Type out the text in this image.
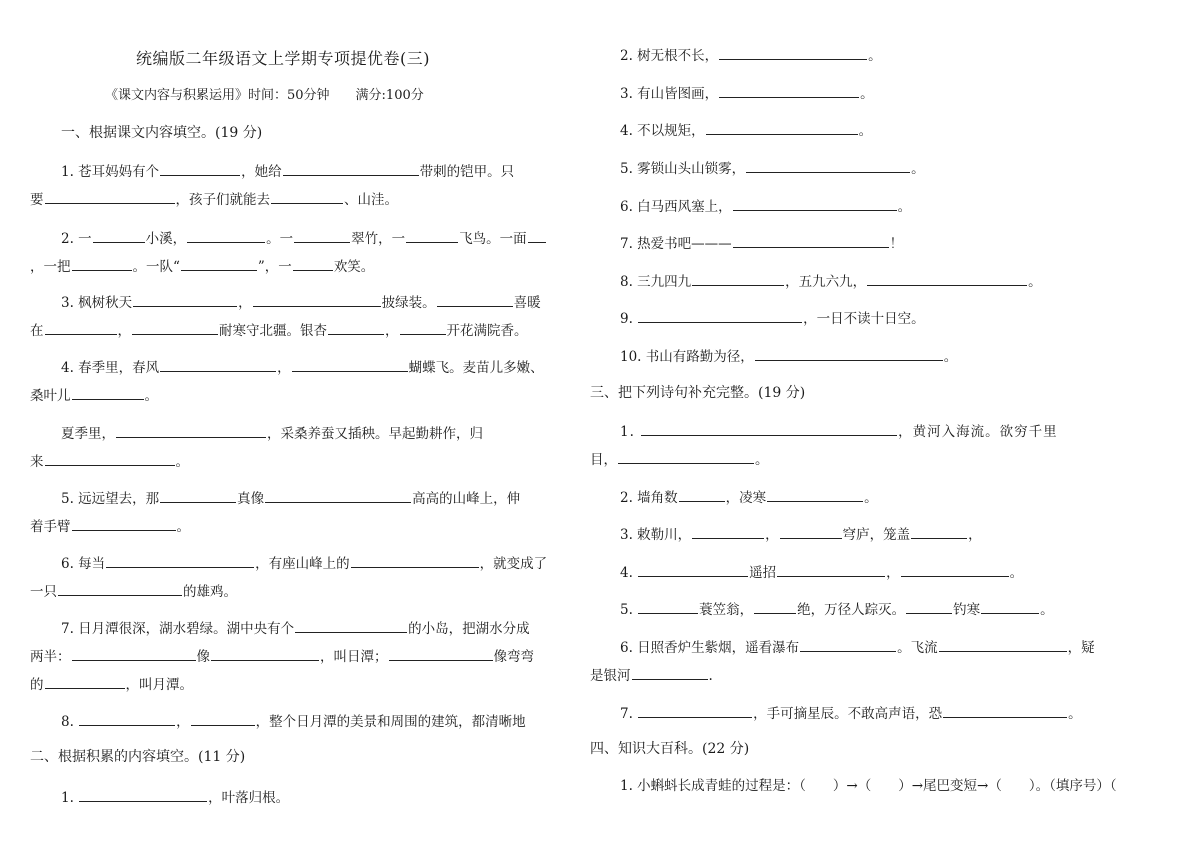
统编版二年级语文上学期专项提优卷(三)
《课文内容与积累运用》时间：50分钟　　满分:100分
一、根据课文内容填空。(19 分)
1. 苍耳妈妈有个	，她给	带刺的铠甲。只
要	，孩子们就能去	、山洼。
2. 一	小溪，	。一	翠竹，一	飞鸟。一面
，一把	。一队“	”，一	欢笑。
3. 枫树秋天	，	披绿装。	喜暖
在	，	耐寒守北疆。银杏	，	开花满院香。
4. 春季里，春风	，	蝴蝶飞。麦苗儿多嫩、
桑叶儿	。
夏季里，	，采桑养蚕又插秧。早起勤耕作，归
来	。
5. 远远望去，那	真像	高高的山峰上，伸
着手臂	。
6. 每当	，有座山峰上的	，就变成了
一只	的雄鸡。
7. 日月潭很深，湖水碧绿。湖中央有个	的小岛，把湖水分成
两半：	像	，叫日潭；	像弯弯
的	，叫月潭。
8.	，	，整个日月潭的美景和周围的建筑，都清晰地
二、根据积累的内容填空。(11 分)
1.	，叶落归根。
2. 树无根不长，	。
3. 有山皆图画，	。
4. 不以规矩，	。
5. 雾锁山头山锁雾，	。
6. 白马西风塞上，	。
7. 热爱书吧———	！
8. 三九四九	，五九六九，	。
9.	，一日不读十日空。
10. 书山有路勤为径，	。
三、把下列诗句补充完整。(19 分)
1.	，黄河入海流。欲穷千里
目，	。
2. 墙角数	，凌寒	。
3. 敕勒川，	，	穹庐，笼盖	，
4.	遥招	，	。
5.	蓑笠翁，	绝，万径人踪灭。	钓寒	。
6. 日照香炉生紫烟，遥看瀑布	。飞流	，疑
是银河	.
7.	，手可摘星辰。不敢高声语，恐	。
四、知识大百科。(22 分)
1. 小蝌蚪长成青蛙的过程是：（　　）→（　　）→尾巴变短→（　　）。（填序号）（
